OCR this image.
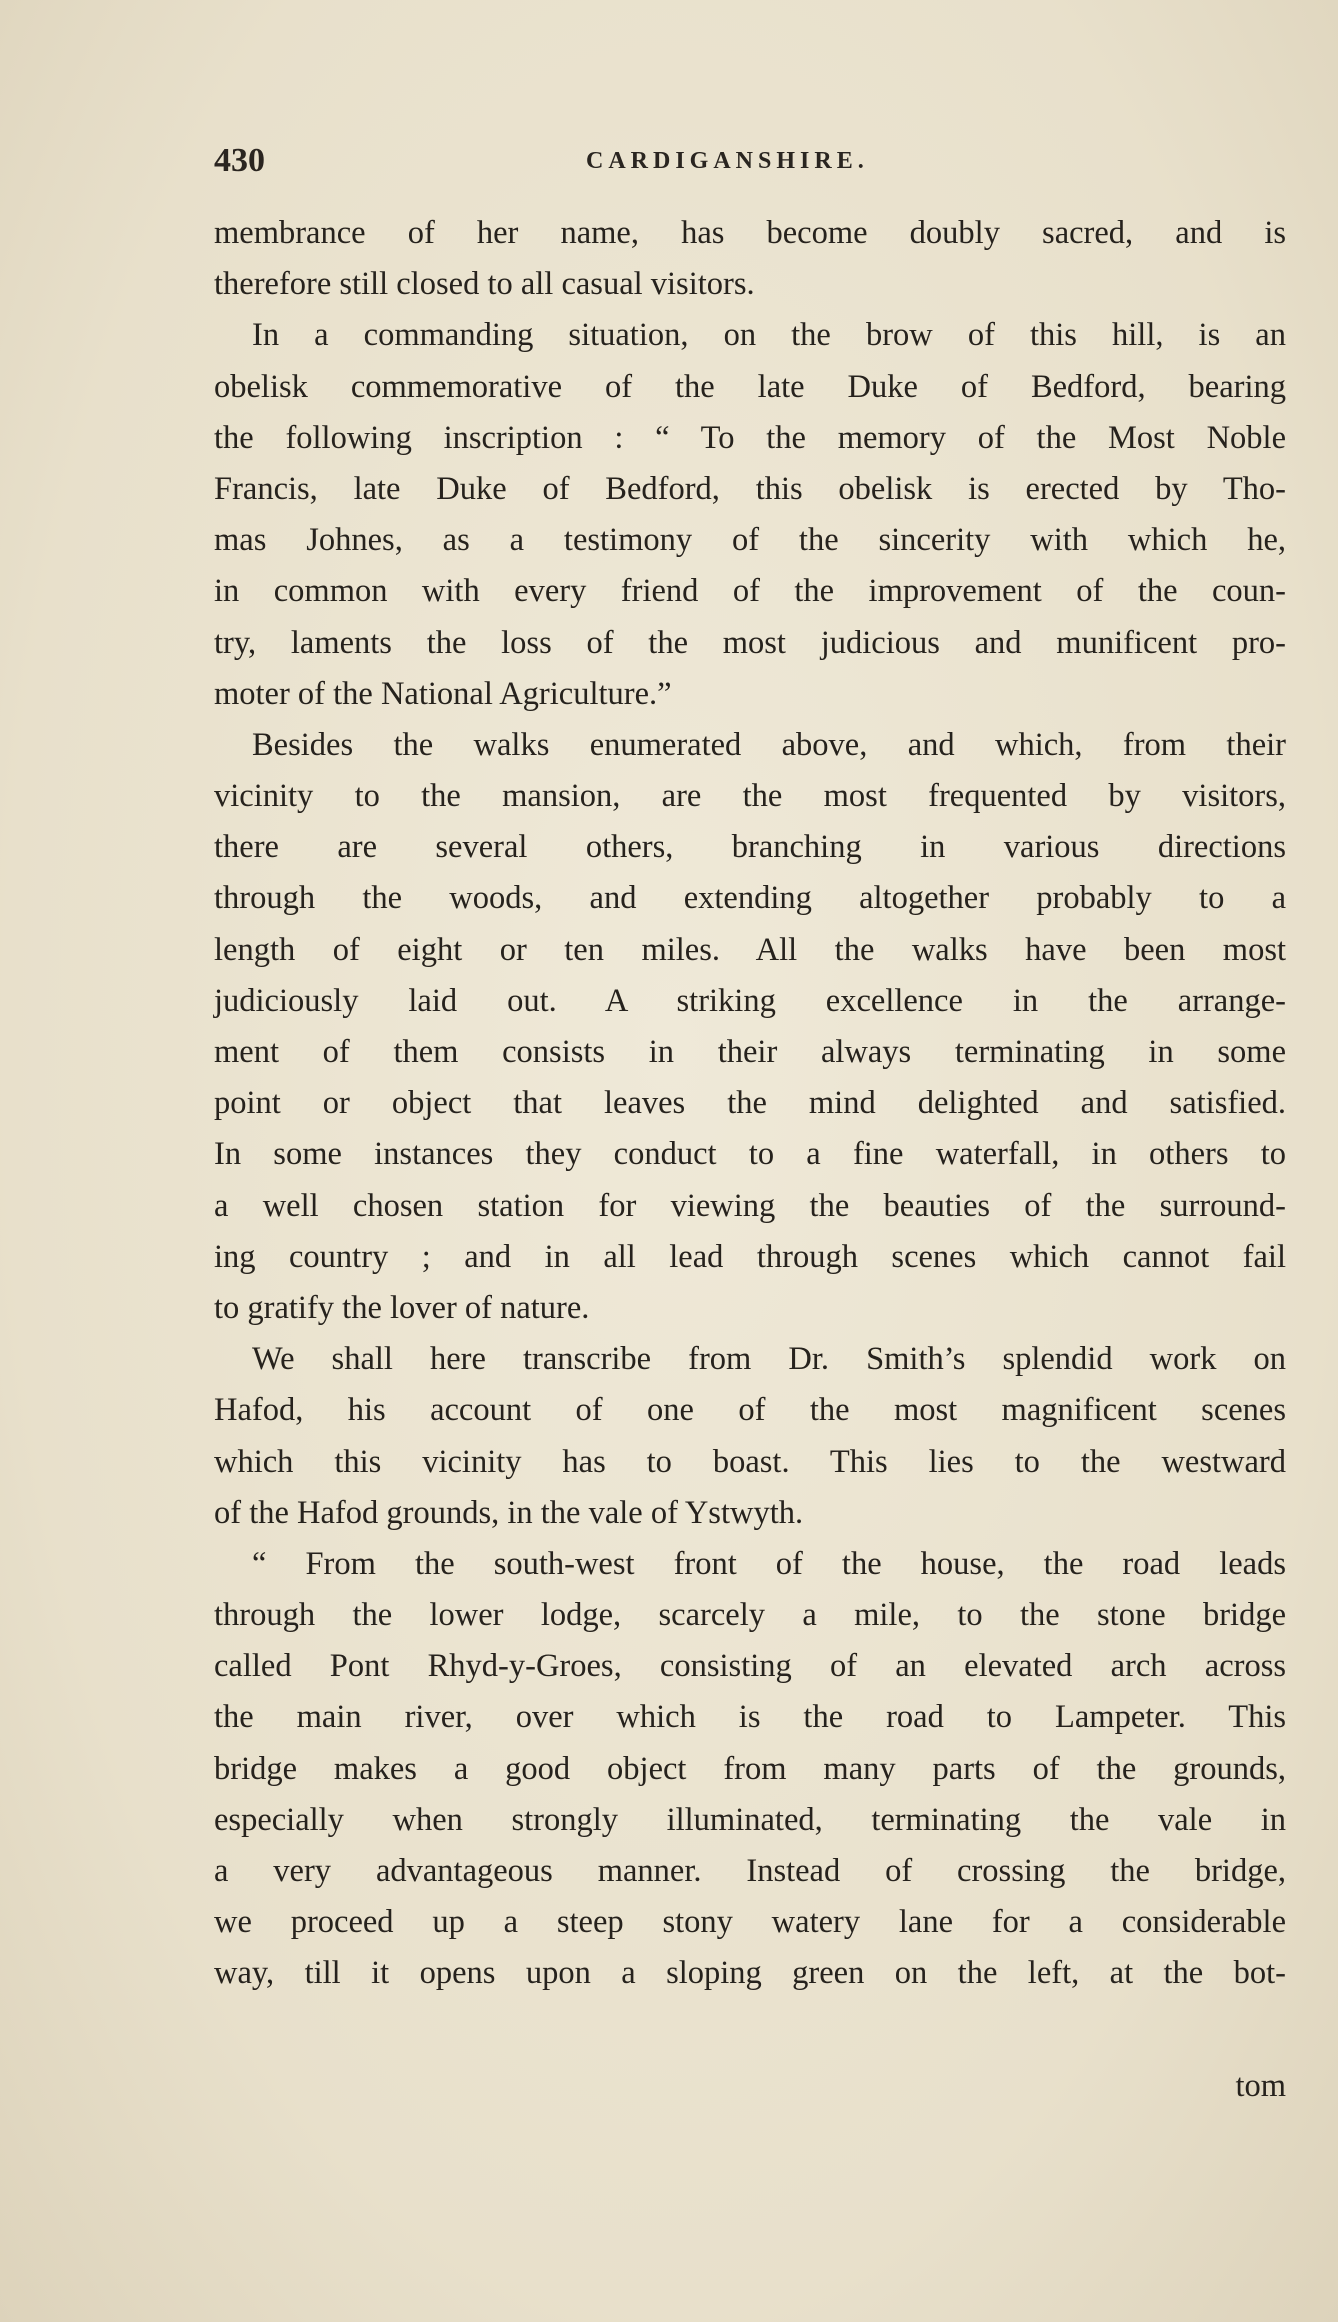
430	CARDIGANSHIRE.
membrance of her name, has become doubly sacred, and is
therefore still closed to all casual visitors.
In a commanding situation, on the brow of this hill, is an
obelisk commemorative of the late Duke of Bedford, bearing
the following inscription : “ To the memory of the Most Noble
Francis, late Duke of Bedford, this obelisk is erected by Tho-
mas Johnes, as a testimony of the sincerity with which he,
in common with every friend of the improvement of the coun-
try, laments the loss of the most judicious and munificent pro-
moter of the National Agriculture.”
Besides the walks enumerated above, and which, from their
vicinity to the mansion, are the most frequented by visitors,
there are several others, branching in various directions
through the woods, and extending altogether probably to a
length of eight or ten miles. All the walks have been most
judiciously laid out. A striking excellence in the arrange-
ment of them consists in their always terminating in some
point or object that leaves the mind delighted and satisfied.
In some instances they conduct to a fine waterfall, in others to
a well chosen station for viewing the beauties of the surround-
ing country ; and in all lead through scenes which cannot fail
to gratify the lover of nature.
We shall here transcribe from Dr. Smith’s splendid work on
Hafod, his account of one of the most magnificent scenes
which this vicinity has to boast. This lies to the westward
of the Hafod grounds, in the vale of Ystwyth.
“ From the south-west front of the house, the road leads
through the lower lodge, scarcely a mile, to the stone bridge
called Pont Rhyd-y-Groes, consisting of an elevated arch across
the main river, over which is the road to Lampeter. This
bridge makes a good object from many parts of the grounds,
especially when strongly illuminated, terminating the vale in
a very advantageous manner. Instead of crossing the bridge,
we proceed up a steep stony watery lane for a considerable
way, till it opens upon a sloping green on the left, at the bot-
tom
